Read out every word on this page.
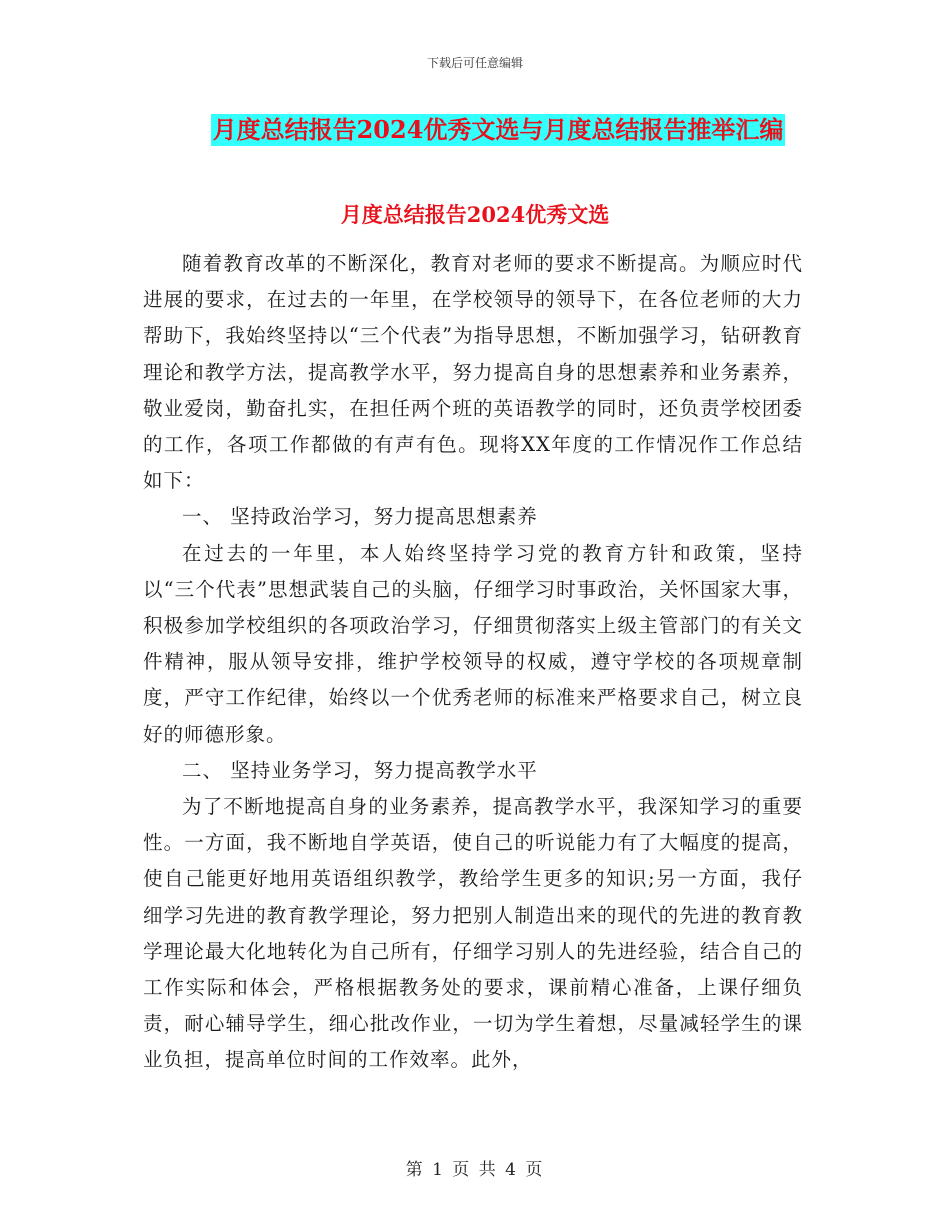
下载后可任意编辑
月度总结报告2024优秀文选与月度总结报告推举汇编
月度总结报告2024优秀文选

随着教育改革的不断深化，教育对老师的要求不断提高。为顺应时代进展的要求，在过去的一年里，在学校领导的领导下，在各位老师的大力帮助下，我始终坚持以“三个代表”为指导思想，不断加强学习，钻研教育理论和教学方法，提高教学水平，努力提高自身的思想素养和业务素养，敬业爱岗，勤奋扎实，在担任两个班的英语教学的同时，还负责学校团委的工作，各项工作都做的有声有色。现将XX年度的工作情况作工作总结如下：

一、 坚持政治学习，努力提高思想素养

在过去的一年里，本人始终坚持学习党的教育方针和政策，坚持以“三个代表”思想武装自己的头脑，仔细学习时事政治，关怀国家大事，积极参加学校组织的各项政治学习，仔细贯彻落实上级主管部门的有关文件精神，服从领导安排，维护学校领导的权威，遵守学校的各项规章制度，严守工作纪律，始终以一个优秀老师的标准来严格要求自己，树立良好的师德形象。

二、 坚持业务学习，努力提高教学水平

为了不断地提高自身的业务素养，提高教学水平，我深知学习的重要性。一方面，我不断地自学英语，使自己的听说能力有了大幅度的提高，使自己能更好地用英语组织教学，教给学生更多的知识;另一方面，我仔细学习先进的教育教学理论，努力把别人制造出来的现代的先进的教育教学理论最大化地转化为自己所有，仔细学习别人的先进经验，结合自己的工作实际和体会，严格根据教务处的要求，课前精心准备，上课仔细负责，耐心辅导学生，细心批改作业，一切为学生着想，尽量减轻学生的课业负担，提高单位时间的工作效率。此外，

第 1 页 共 4 页
